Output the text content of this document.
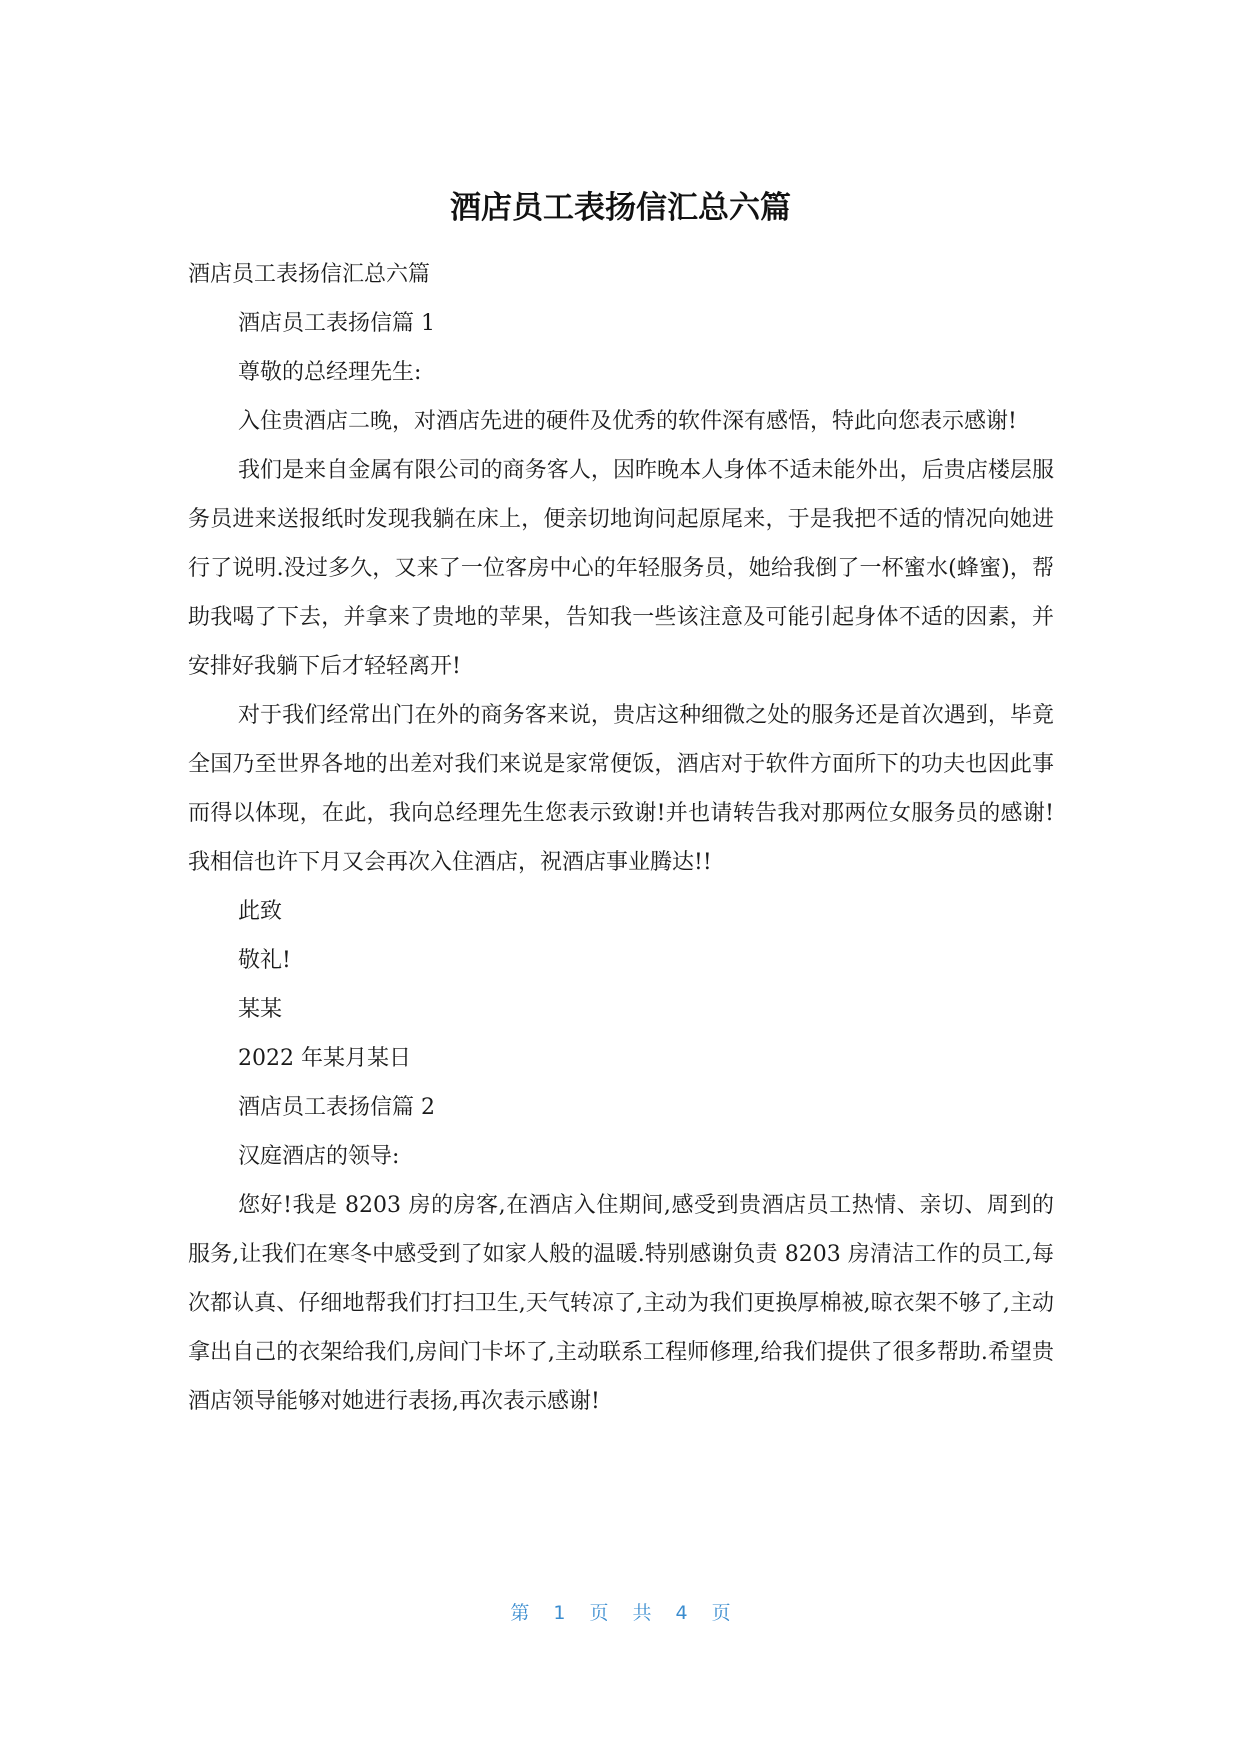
酒店员工表扬信汇总六篇

酒店员工表扬信汇总六篇

酒店员工表扬信篇 1

尊敬的总经理先生:

入住贵酒店二晚，对酒店先进的硬件及优秀的软件深有感悟，特此向您表示感谢!

我们是来自金属有限公司的商务客人，因昨晚本人身体不适未能外出，后贵店楼层服务员进来送报纸时发现我躺在床上，便亲切地询问起原尾来，于是我把不适的情况向她进行了说明.没过多久，又来了一位客房中心的年轻服务员，她给我倒了一杯蜜水(蜂蜜)，帮助我喝了下去，并拿来了贵地的苹果，告知我一些该注意及可能引起身体不适的因素，并安排好我躺下后才轻轻离开!

对于我们经常出门在外的商务客来说，贵店这种细微之处的服务还是首次遇到，毕竟全国乃至世界各地的出差对我们来说是家常便饭，酒店对于软件方面所下的功夫也因此事而得以体现，在此，我向总经理先生您表示致谢!并也请转告我对那两位女服务员的感谢!我相信也许下月又会再次入住酒店，祝酒店事业腾达!!

此致

敬礼!

某某

2022 年某月某日

酒店员工表扬信篇 2

汉庭酒店的领导:

您好!我是 8203 房的房客,在酒店入住期间,感受到贵酒店员工热情、亲切、周到的服务,让我们在寒冬中感受到了如家人般的温暖.特别感谢负责 8203 房清洁工作的员工,每次都认真、仔细地帮我们打扫卫生,天气转凉了,主动为我们更换厚棉被,晾衣架不够了,主动拿出自己的衣架给我们,房间门卡坏了,主动联系工程师修理,给我们提供了很多帮助.希望贵酒店领导能够对她进行表扬,再次表示感谢!

第 1 页 共 4 页
